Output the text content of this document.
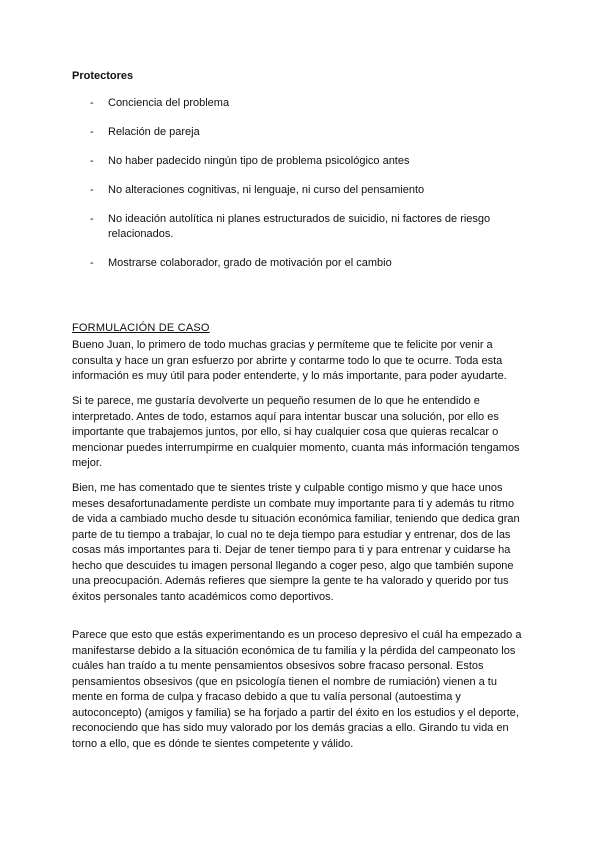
Protectores
- Conciencia del problema
- Relación de pareja
- No haber padecido ningún tipo de problema psicológico antes
- No alteraciones cognitivas, ni lenguaje, ni curso del pensamiento
- No ideación autolítica ni planes estructurados de suicidio, ni factores de riesgo relacionados.
- Mostrarse colaborador, grado de motivación por el cambio
FORMULACIÓN DE CASO

Bueno Juan, lo primero de todo muchas gracias y permíteme que te felicite por venir a consulta y hace un gran esfuerzo por abrirte y contarme todo lo que te ocurre. Toda esta información es muy útil para poder entenderte, y lo más importante, para poder ayudarte.

Si te parece, me gustaría devolverte un pequeño resumen de lo que he entendido e interpretado. Antes de todo, estamos aquí para intentar buscar una solución, por ello es importante que trabajemos juntos, por ello, si hay cualquier cosa que quieras recalcar o mencionar puedes interrumpirme en cualquier momento, cuanta más información tengamos mejor.

Bien, me has comentado que te sientes triste y culpable contigo mismo y que hace unos meses desafortunadamente perdiste un combate muy importante para ti y además tu ritmo de vida a cambiado mucho desde tu situación económica familiar, teniendo que dedica gran parte de tu tiempo a trabajar, lo cual no te deja tiempo para estudiar y entrenar, dos de las cosas más importantes para ti. Dejar de tener tiempo para ti y para entrenar y cuidarse ha hecho que descuides tu imagen personal llegando a coger peso, algo que también supone una preocupación. Además refieres que siempre la gente te ha valorado y querido por tus éxitos personales tanto académicos como deportivos.

Parece que esto que estás experimentando es un proceso depresivo el cuál ha empezado a manifestarse debido a la situación económica de tu familia y la pérdida del campeonato los cuáles han traído a tu mente pensamientos obsesivos sobre fracaso personal. Estos pensamientos obsesivos (que en psicología tienen el nombre de rumiación) vienen a tu mente en forma de culpa y fracaso debido a que tu valía personal (autoestima y autoconcepto) (amigos y familia) se ha forjado a partir del éxito en los estudios y el deporte, reconociendo que has sido muy valorado por los demás gracias a ello. Girando tu vida en torno a ello, que es dónde te sientes competente y válido.
